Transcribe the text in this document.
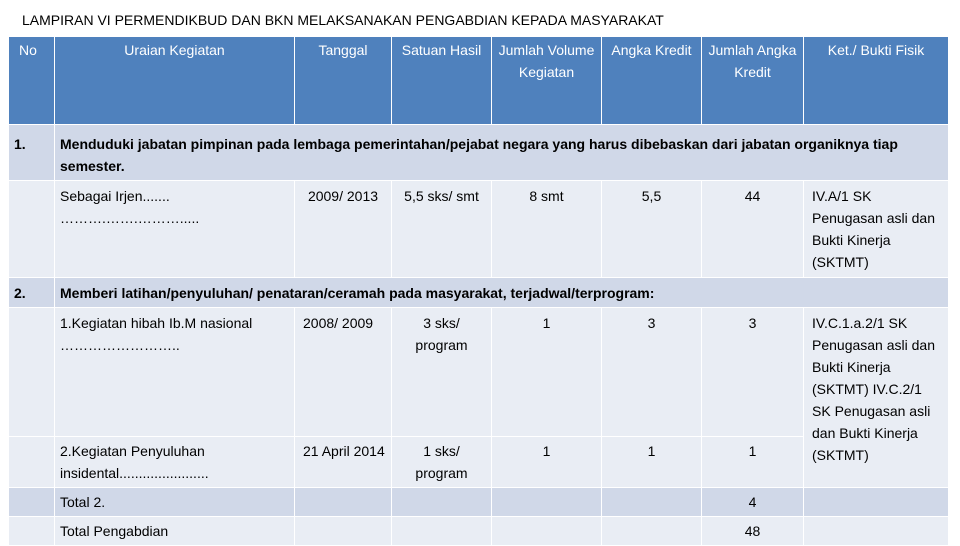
LAMPIRAN VI PERMENDIKBUD DAN BKN MELAKSANAKAN PENGABDIAN KEPADA MASYARAKAT
No	Uraian Kegiatan	Tanggal	Satuan Hasil	Jumlah Volume Kegiatan	Angka Kredit	Jumlah Angka Kredit	Ket./ Bukti Fisik
1.	Menduduki jabatan pimpinan pada lembaga pemerintahan/pejabat negara yang harus dibebaskan dari jabatan organiknya tiap semester.						
	Sebagai Irjen....... ……….…….……….....	2009/ 2013	5,5 sks/ smt	8 smt	5,5	44	IV.A/1 SK Penugasan asli dan Bukti Kinerja (SKTMT)
2.	Memberi latihan/penyuluhan/ penataran/ceramah pada masyarakat, terjadwal/terprogram:						
	1.Kegiatan hibah Ib.M nasional ……………………..	2008/ 2009	3 sks/ program	1	3	3	IV.C.1.a.2/1 SK Penugasan asli dan Bukti Kinerja (SKTMT) IV.C.2/1 SK Penugasan asli dan Bukti Kinerja (SKTMT)
	2.Kegiatan Penyuluhan insidental.......................	21 April 2014	1 sks/ program	1	1	1	
	Total 2.					4	
	Total Pengabdian					48	
